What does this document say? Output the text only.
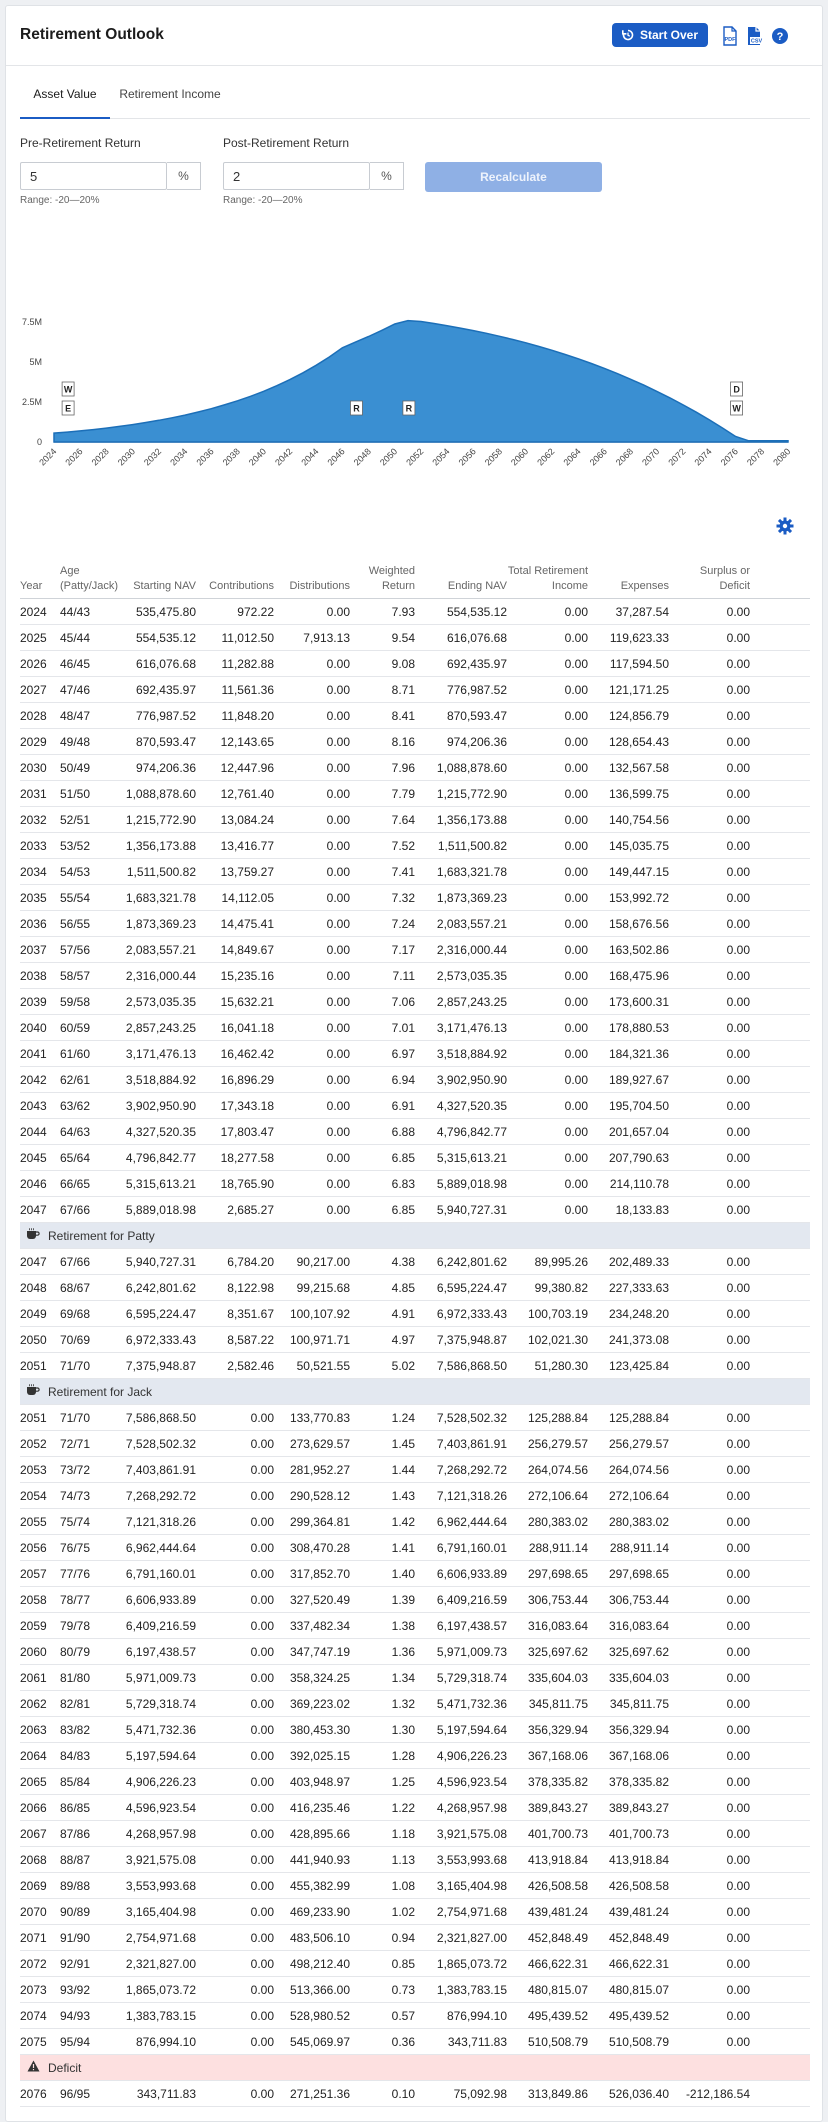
Retirement Outlook	Start Over	PDF	CSV ?
Asset Value	Retirement Income
Pre-Retirement Return
5
%
Range: -20—20%
Post-Retirement Return
2
%
Range: -20—20%
Recalculate
0
2.5M
5M
7.5M
2024 2026 2028 2030 2032 2034 2036 2038 2040 2042 2044 2046 2048 2050 2052 2054 2056 2058 2060 2062 2064 2066 2068 2070 2072 2074 2076 2078 2080
W
E	R	R
D
W
Year	Age (Patty/Jack)	Starting NAV	Contributions	Distributions	Weighted Return	Ending NAV	Total Retirement Income	Expenses	Surplus or Deficit	
2024	44/43	535,475.80	972.22	0.00	7.93	554,535.12	0.00	37,287.54	0.00	
2025	45/44	554,535.12	11,012.50	7,913.13	9.54	616,076.68	0.00	119,623.33	0.00	
2026	46/45	616,076.68	11,282.88	0.00	9.08	692,435.97	0.00	117,594.50	0.00	
2027	47/46	692,435.97	11,561.36	0.00	8.71	776,987.52	0.00	121,171.25	0.00	
2028	48/47	776,987.52	11,848.20	0.00	8.41	870,593.47	0.00	124,856.79	0.00	
2029	49/48	870,593.47	12,143.65	0.00	8.16	974,206.36	0.00	128,654.43	0.00	
2030	50/49	974,206.36	12,447.96	0.00	7.96	1,088,878.60	0.00	132,567.58	0.00	
2031	51/50	1,088,878.60	12,761.40	0.00	7.79	1,215,772.90	0.00	136,599.75	0.00	
2032	52/51	1,215,772.90	13,084.24	0.00	7.64	1,356,173.88	0.00	140,754.56	0.00	
2033	53/52	1,356,173.88	13,416.77	0.00	7.52	1,511,500.82	0.00	145,035.75	0.00	
2034	54/53	1,511,500.82	13,759.27	0.00	7.41	1,683,321.78	0.00	149,447.15	0.00	
2035	55/54	1,683,321.78	14,112.05	0.00	7.32	1,873,369.23	0.00	153,992.72	0.00	
2036	56/55	1,873,369.23	14,475.41	0.00	7.24	2,083,557.21	0.00	158,676.56	0.00	
2037	57/56	2,083,557.21	14,849.67	0.00	7.17	2,316,000.44	0.00	163,502.86	0.00	
2038	58/57	2,316,000.44	15,235.16	0.00	7.11	2,573,035.35	0.00	168,475.96	0.00	
2039	59/58	2,573,035.35	15,632.21	0.00	7.06	2,857,243.25	0.00	173,600.31	0.00	
2040	60/59	2,857,243.25	16,041.18	0.00	7.01	3,171,476.13	0.00	178,880.53	0.00	
2041	61/60	3,171,476.13	16,462.42	0.00	6.97	3,518,884.92	0.00	184,321.36	0.00	
2042	62/61	3,518,884.92	16,896.29	0.00	6.94	3,902,950.90	0.00	189,927.67	0.00	
2043	63/62	3,902,950.90	17,343.18	0.00	6.91	4,327,520.35	0.00	195,704.50	0.00	
2044	64/63	4,327,520.35	17,803.47	0.00	6.88	4,796,842.77	0.00	201,657.04	0.00	
2045	65/64	4,796,842.77	18,277.58	0.00	6.85	5,315,613.21	0.00	207,790.63	0.00	
2046	66/65	5,315,613.21	18,765.90	0.00	6.83	5,889,018.98	0.00	214,110.78	0.00	
2047	67/66	5,889,018.98	2,685.27	0.00	6.85	5,940,727.31	0.00	18,133.83	0.00	
Retirement for Patty										
2047	67/66	5,940,727.31	6,784.20	90,217.00	4.38	6,242,801.62	89,995.26	202,489.33	0.00	
2048	68/67	6,242,801.62	8,122.98	99,215.68	4.85	6,595,224.47	99,380.82	227,333.63	0.00	
2049	69/68	6,595,224.47	8,351.67	100,107.92	4.91	6,972,333.43	100,703.19	234,248.20	0.00	
2050	70/69	6,972,333.43	8,587.22	100,971.71	4.97	7,375,948.87	102,021.30	241,373.08	0.00	
2051	71/70	7,375,948.87	2,582.46	50,521.55	5.02	7,586,868.50	51,280.30	123,425.84	0.00	
Retirement for Jack										
2051	71/70	7,586,868.50	0.00	133,770.83	1.24	7,528,502.32	125,288.84	125,288.84	0.00	
2052	72/71	7,528,502.32	0.00	273,629.57	1.45	7,403,861.91	256,279.57	256,279.57	0.00	
2053	73/72	7,403,861.91	0.00	281,952.27	1.44	7,268,292.72	264,074.56	264,074.56	0.00	
2054	74/73	7,268,292.72	0.00	290,528.12	1.43	7,121,318.26	272,106.64	272,106.64	0.00	
2055	75/74	7,121,318.26	0.00	299,364.81	1.42	6,962,444.64	280,383.02	280,383.02	0.00	
2056	76/75	6,962,444.64	0.00	308,470.28	1.41	6,791,160.01	288,911.14	288,911.14	0.00	
2057	77/76	6,791,160.01	0.00	317,852.70	1.40	6,606,933.89	297,698.65	297,698.65	0.00	
2058	78/77	6,606,933.89	0.00	327,520.49	1.39	6,409,216.59	306,753.44	306,753.44	0.00	
2059	79/78	6,409,216.59	0.00	337,482.34	1.38	6,197,438.57	316,083.64	316,083.64	0.00	
2060	80/79	6,197,438.57	0.00	347,747.19	1.36	5,971,009.73	325,697.62	325,697.62	0.00	
2061	81/80	5,971,009.73	0.00	358,324.25	1.34	5,729,318.74	335,604.03	335,604.03	0.00	
2062	82/81	5,729,318.74	0.00	369,223.02	1.32	5,471,732.36	345,811.75	345,811.75	0.00	
2063	83/82	5,471,732.36	0.00	380,453.30	1.30	5,197,594.64	356,329.94	356,329.94	0.00	
2064	84/83	5,197,594.64	0.00	392,025.15	1.28	4,906,226.23	367,168.06	367,168.06	0.00	
2065	85/84	4,906,226.23	0.00	403,948.97	1.25	4,596,923.54	378,335.82	378,335.82	0.00	
2066	86/85	4,596,923.54	0.00	416,235.46	1.22	4,268,957.98	389,843.27	389,843.27	0.00	
2067	87/86	4,268,957.98	0.00	428,895.66	1.18	3,921,575.08	401,700.73	401,700.73	0.00	
2068	88/87	3,921,575.08	0.00	441,940.93	1.13	3,553,993.68	413,918.84	413,918.84	0.00	
2069	89/88	3,553,993.68	0.00	455,382.99	1.08	3,165,404.98	426,508.58	426,508.58	0.00	
2070	90/89	3,165,404.98	0.00	469,233.90	1.02	2,754,971.68	439,481.24	439,481.24	0.00	
2071	91/90	2,754,971.68	0.00	483,506.10	0.94	2,321,827.00	452,848.49	452,848.49	0.00	
2072	92/91	2,321,827.00	0.00	498,212.40	0.85	1,865,073.72	466,622.31	466,622.31	0.00	
2073	93/92	1,865,073.72	0.00	513,366.00	0.73	1,383,783.15	480,815.07	480,815.07	0.00	
2074	94/93	1,383,783.15	0.00	528,980.52	0.57	876,994.10	495,439.52	495,439.52	0.00	
2075	95/94	876,994.10	0.00	545,069.97	0.36	343,711.83	510,508.79	510,508.79	0.00	
Deficit										
2076	96/95	343,711.83	0.00	271,251.36	0.10	75,092.98	313,849.86	526,036.40	-212,186.54	
